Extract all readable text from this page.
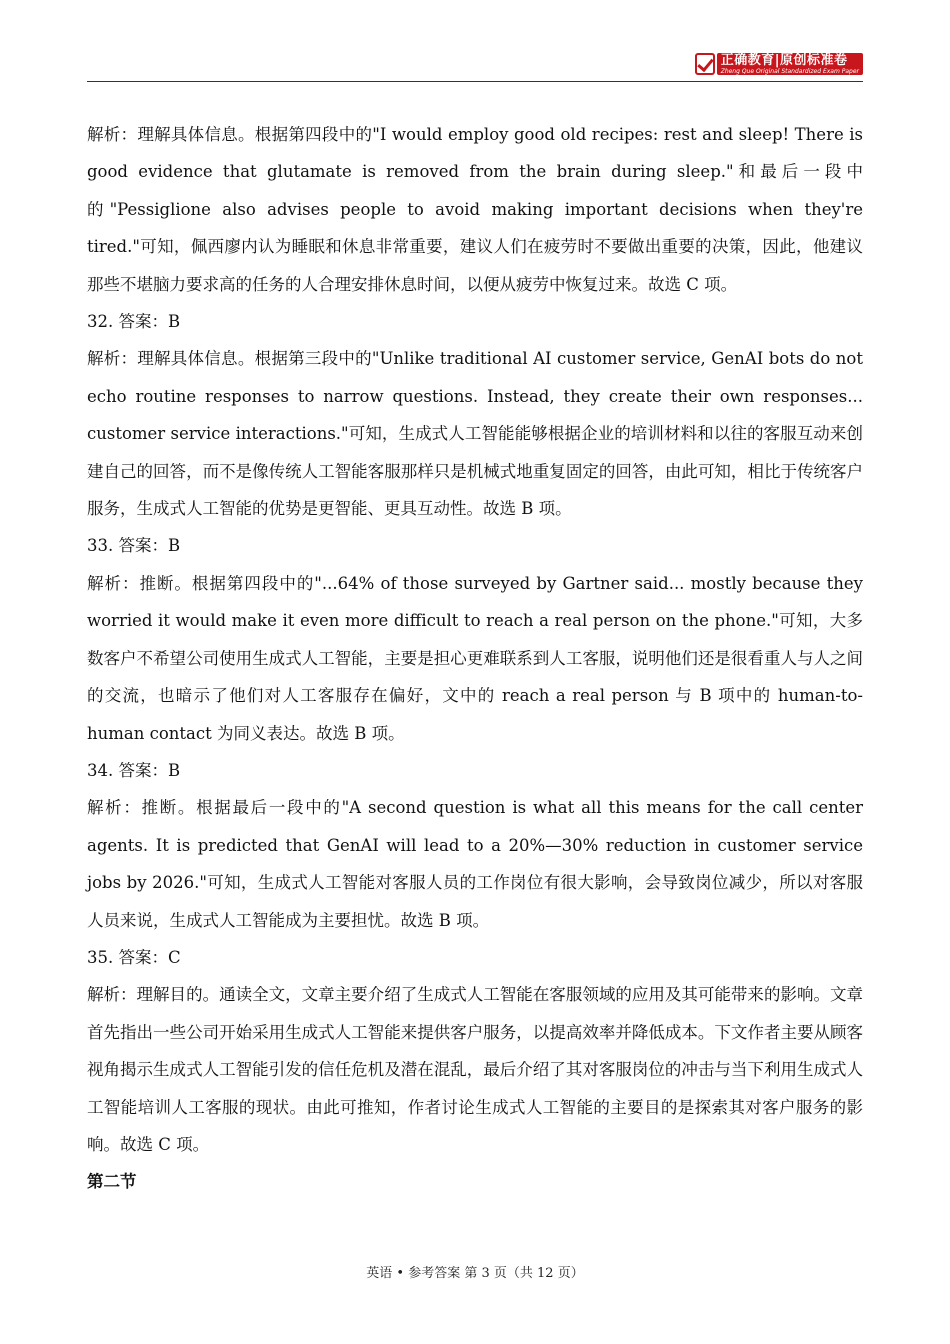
正确教育|原创标准卷
Zheng Que Original Standardized Exam Paper

解析：理解具体信息。根据第四段中的"I would employ good old recipes: rest and sleep! There is good evidence that glutamate is removed from the brain during sleep."和最后一段中的"Pessiglione also advises people to avoid making important decisions when they're tired."可知，佩西廖内认为睡眠和休息非常重要，建议人们在疲劳时不要做出重要的决策，因此，他建议那些不堪脑力要求高的任务的人合理安排休息时间，以便从疲劳中恢复过来。故选 C 项。

32. 答案：B

解析：理解具体信息。根据第三段中的"Unlike traditional AI customer service, GenAI bots do not echo routine responses to narrow questions. Instead, they create their own responses... customer service interactions."可知，生成式人工智能能够根据企业的培训材料和以往的客服互动来创建自己的回答，而不是像传统人工智能客服那样只是机械式地重复固定的回答，由此可知，相比于传统客户服务，生成式人工智能的优势是更智能、更具互动性。故选 B 项。

33. 答案：B

解析：推断。根据第四段中的"...64% of those surveyed by Gartner said... mostly because they worried it would make it even more difficult to reach a real person on the phone."可知，大多数客户不希望公司使用生成式人工智能，主要是担心更难联系到人工客服，说明他们还是很看重人与人之间的交流，也暗示了他们对人工客服存在偏好，文中的 reach a real person 与 B 项中的 human-to-human contact 为同义表达。故选 B 项。

34. 答案：B

解析：推断。根据最后一段中的"A second question is what all this means for the call center agents. It is predicted that GenAI will lead to a 20%—30% reduction in customer service jobs by 2026."可知，生成式人工智能对客服人员的工作岗位有很大影响，会导致岗位减少，所以对客服人员来说，生成式人工智能成为主要担忧。故选 B 项。

35. 答案：C

解析：理解目的。通读全文，文章主要介绍了生成式人工智能在客服领域的应用及其可能带来的影响。文章首先指出一些公司开始采用生成式人工智能来提供客户服务，以提高效率并降低成本。下文作者主要从顾客视角揭示生成式人工智能引发的信任危机及潜在混乱，最后介绍了其对客服岗位的冲击与当下利用生成式人工智能培训人工客服的现状。由此可推知，作者讨论生成式人工智能的主要目的是探索其对客户服务的影响。故选 C 项。

第二节

英语 • 参考答案 第 3 页（共 12 页）
